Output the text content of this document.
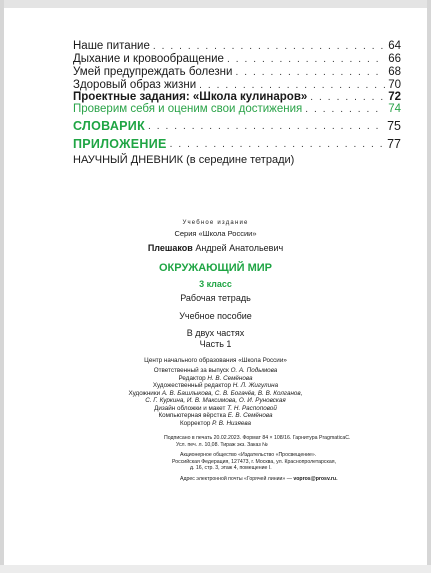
Наше питание . . .	64
Дыхание и кровообращение . . .	66
Умей предупреждать болезни . . .	68
Здоровый образ жизни . . .	70
Проектные задания: «Школа кулинаров» . . .	72
Проверим себя и оценим свои достижения . . .	74
СЛОВАРИК . . .	75
ПРИЛОЖЕНИЕ . . .	77
НАУЧНЫЙ ДНЕВНИК (в середине тетради)
Учебное издание
Серия «Школа России»
Плешаков Андрей Анатольевич
ОКРУЖАЮЩИЙ МИР
3 класс
Рабочая тетрадь
Учебное пособие
В двух частях
Часть 1
Центр начального образования «Школа России»
Ответственный за выпуск О. А. Подымова
Редактор Н. В. Семёнова
Художественный редактор Н. Л. Жигулина
Художники А. В. Башлыкова, С. В. Богачёв, В. В. Колганов,
С. Г. Куркина, И. В. Максимова, О. И. Руновская
Дизайн обложки и макет Т. Н. Распоповой
Компьютерная вёрстка Е. В. Семёнова
Корректор Р. В. Низяева
Подписано в печать 20.02.2023. Формат 84 × 108/16. Гарнитура PragmaticaC.
Усл. печ. л. 10,08. Тираж экз. Заказ №
Акционерное общество «Издательство «Просвещение».
Российская Федерация, 127473, г. Москва, ул. Краснопролетарская,
д. 16, стр. 3, этаж 4, помещение I.
Адрес электронной почты «Горячей линии» — vopros@prosv.ru.
